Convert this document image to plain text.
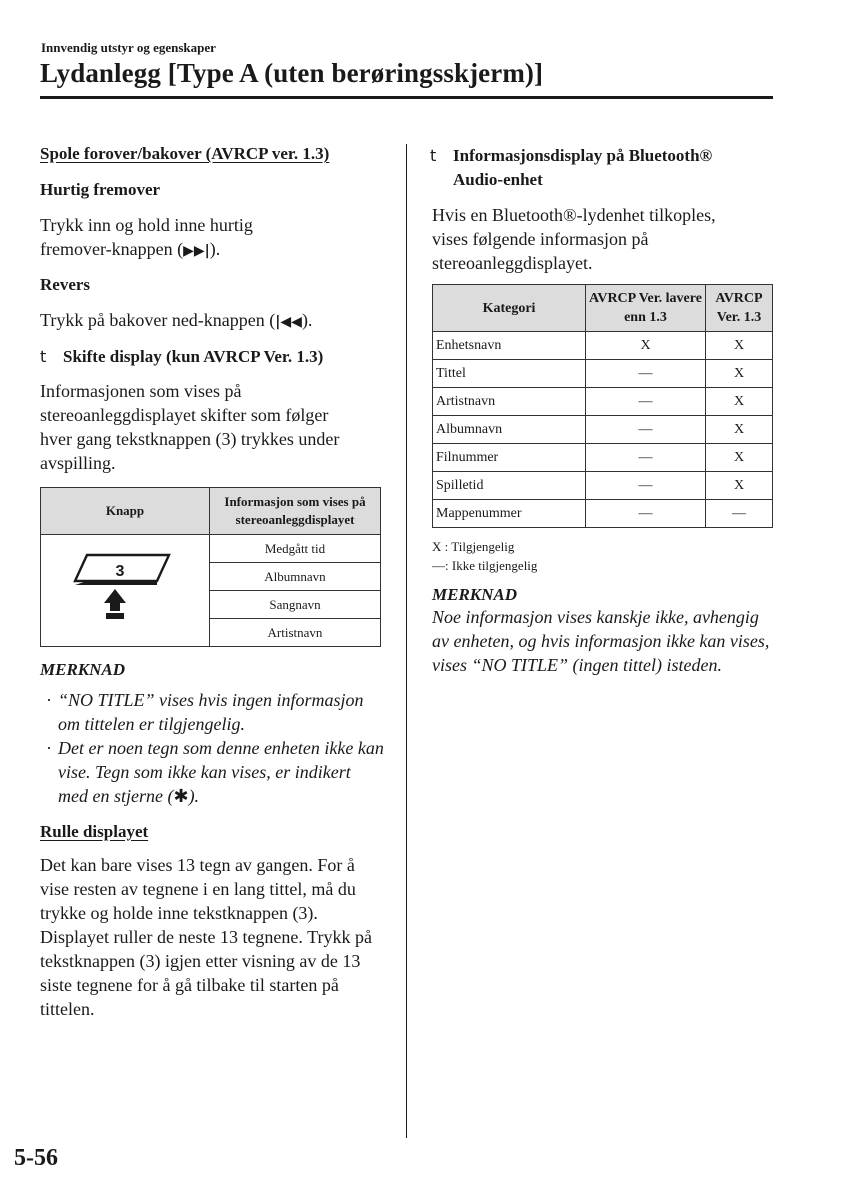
Innvendig utstyr og egenskaper
Lydanlegg [Type A (uten berøringsskjerm)]
Spole forover/bakover (AVRCP ver. 1.3)
Hurtig fremover
Trykk inn og hold inne hurtig
fremover-knappen (▶▶|).
Revers
Trykk på bakover ned-knappen (|◀◀).
t Skifte display (kun AVRCP Ver. 1.3)
Informasjonen som vises på
stereoanleggdisplayet skifter som følger
hver gang tekstknappen (3) trykkes under
avspilling.
Knapp	Informasjon som vises på stereoanleggdisplayet

3	Medgått tid
	Albumnavn
	Sangnavn
	Artistnavn
MERKNAD
· “NO TITLE” vises hvis ingen informasjon om tittelen er tilgjengelig.
· Det er noen tegn som denne enheten ikke kan vise. Tegn som ikke kan vises, er indikert med en stjerne (✱).
Rulle displayet
Det kan bare vises 13 tegn av gangen. For å vise resten av tegnene i en lang tittel, må du trykke og holde inne tekstknappen (3). Displayet ruller de neste 13 tegnene. Trykk på tekstknappen (3) igjen etter visning av de 13 siste tegnene for å gå tilbake til starten på tittelen.
t Informasjonsdisplay på Bluetooth®
Audio-enhet
Hvis en Bluetooth®-lydenhet tilkoples,
vises følgende informasjon på
stereoanleggdisplayet.
Kategori	AVRCP Ver. lavere enn 1.3	AVRCP Ver. 1.3
Enhetsnavn	X	X
Tittel	—	X
Artistnavn	—	X
Albumnavn	—	X
Filnummer	—	X
Spilletid	—	X
Mappenummer	—	—
X : Tilgjengelig
—: Ikke tilgjengelig
MERKNAD
Noe informasjon vises kanskje ikke, avhengig av enheten, og hvis informasjon ikke kan vises, vises “NO TITLE” (ingen tittel) isteden.
5-56
